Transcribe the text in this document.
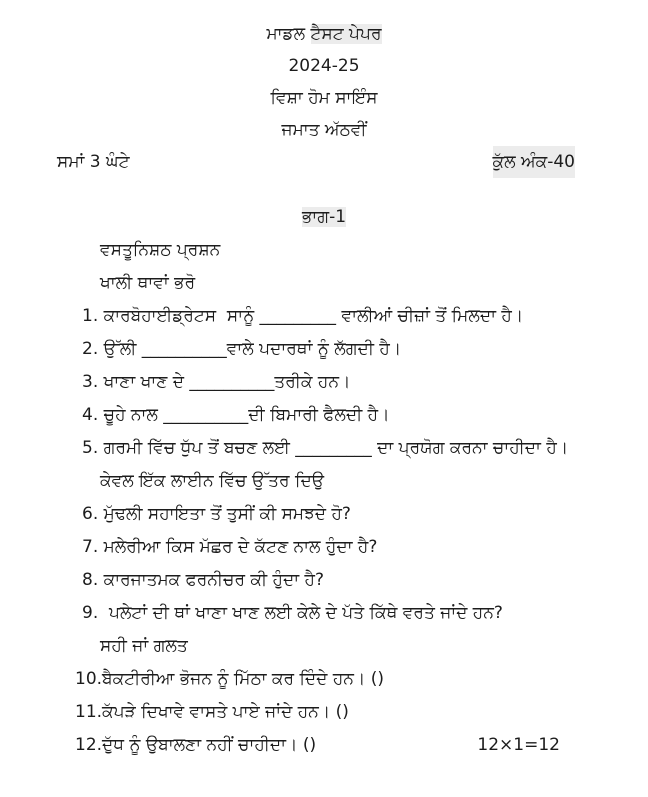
ਮਾਡਲ ਟੈਸਟ ਪੇਪਰ
2024-25
ਵਿਸ਼ਾ ਹੋਮ ਸਾਇੰਸ
ਜਮਾਤ ਅੱਠਵੀਂ
ਸਮਾਂ 3 ਘੰਟੇ	ਕੁੱਲ ਅੰਕ-40
ਭਾਗ-1
ਵਸਤੂਨਿਸ਼ਠ ਪ੍ਰਸ਼ਨ
ਖਾਲੀ ਥਾਵਾਂ ਭਰੋ
1. ਕਾਰਬੋਹਾਈਡ੍ਰੇਟਸ  ਸਾਨੂੰ _________ ਵਾਲੀਆਂ ਚੀਜ਼ਾਂ ਤੋਂ ਮਿਲਦਾ ਹੈ।
2. ਉੱਲੀ __________ਵਾਲੇ ਪਦਾਰਥਾਂ ਨੂੰ ਲੱਗਦੀ ਹੈ।
3. ਖਾਣਾ ਖਾਣ ਦੇ __________ਤਰੀਕੇ ਹਨ।
4. ਚੂਹੇ ਨਾਲ __________ਦੀ ਬਿਮਾਰੀ ਫੈਲਦੀ ਹੈ।
5. ਗਰਮੀ ਵਿੱਚ ਧੁੱਪ ਤੋਂ ਬਚਣ ਲਈ _________ ਦਾ ਪ੍ਰਯੋਗ ਕਰਨਾ ਚਾਹੀਦਾ ਹੈ।
ਕੇਵਲ ਇੱਕ ਲਾਈਨ ਵਿੱਚ ਉੱਤਰ ਦਿਉ
6. ਮੁੱਢਲੀ ਸਹਾਇਤਾ ਤੋਂ ਤੁਸੀਂ ਕੀ ਸਮਝਦੇ ਹੋ?
7. ਮਲੇਰੀਆ ਕਿਸ ਮੱਛਰ ਦੇ ਕੱਟਣ ਨਾਲ ਹੁੰਦਾ ਹੈ?
8. ਕਾਰਜਾਤਮਕ ਫਰਨੀਚਰ ਕੀ ਹੁੰਦਾ ਹੈ?
9.  ਪਲੇਟਾਂ ਦੀ ਥਾਂ ਖਾਣਾ ਖਾਣ ਲਈ ਕੇਲੇ ਦੇ ਪੱਤੇ ਕਿੱਥੇ ਵਰਤੇ ਜਾਂਦੇ ਹਨ?
ਸਹੀ ਜਾਂ ਗਲਤ
10.ਬੈਕਟੀਰੀਆ ਭੋਜਨ ਨੂੰ ਮਿੱਠਾ ਕਰ ਦਿੰਦੇ ਹਨ। ()
11.ਕੱਪੜੇ ਦਿਖਾਵੇ ਵਾਸਤੇ ਪਾਏ ਜਾਂਦੇ ਹਨ। ()
12.ਦੁੱਧ ਨੂੰ ਉਬਾਲਣਾ ਨਹੀਂ ਚਾਹੀਦਾ। ()	12×1=12
